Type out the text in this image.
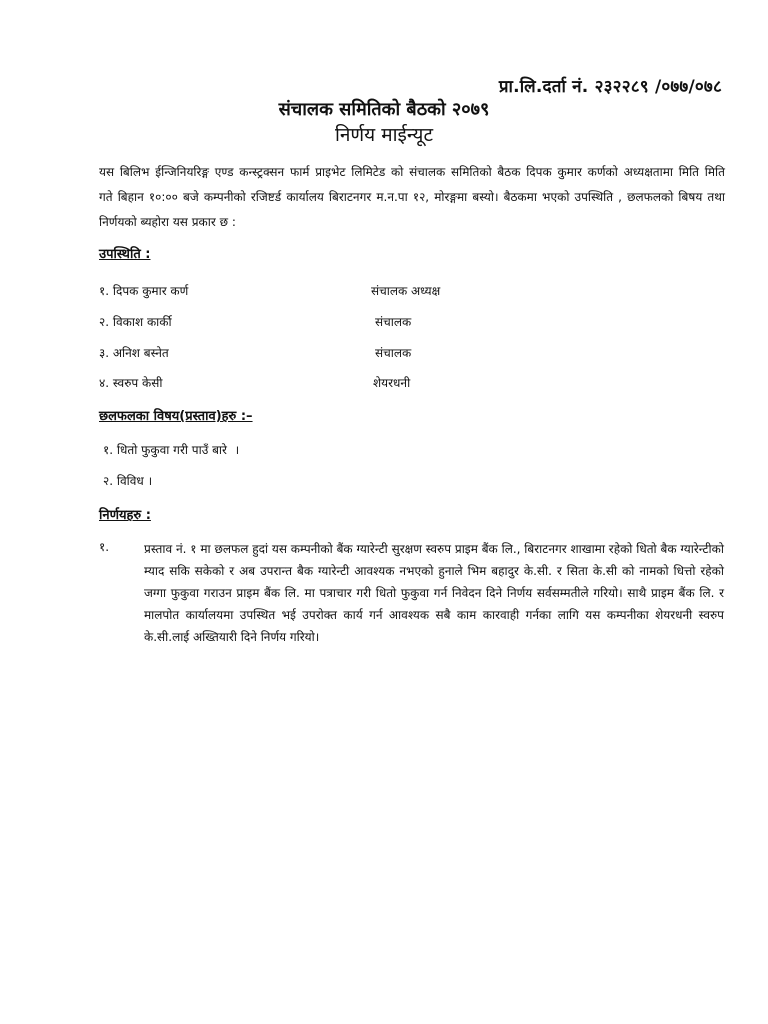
प्रा.लि.दर्ता नं. २३२२८९ /०७७/०७८
संचालक समितिको बैठको २०७९
निर्णय माईन्यूट
यस बिलिभ ईन्जिनियरिङ्ग एण्ड कन्स्ट्रक्सन फार्म प्राइभेट लिमिटेड को संचालक समितिको बैठक दिपक कुमार कर्णको अध्यक्षतामा मिति मिति                           गते बिहान १०:०० बजे कम्पनीको रजिष्टर्ड कार्यालय बिराटनगर म.न.पा १२, मोरङ्गमा बस्यो। बैठकमा भएको उपस्थिति , छलफलको बिषय तथा निर्णयको ब्यहोरा यस प्रकार छ :
उपस्थिति :
१. दिपक कुमार कर्ण	संचालक अध्यक्ष
२. विकाश कार्की	संचालक
३. अनिश बस्नेत	संचालक
४. स्वरुप केसी	शेयरधनी
छलफलका विषय(प्रस्ताव)हरु :–
१. धितो फुकुवा गरी पाउँ बारे  ।
२. विविध ।
निर्णयहरु :
१.	प्रस्ताव नं. १ मा छलफल हुदां यस कम्पनीको बैंक ग्यारेन्टी सुरक्षण स्वरुप प्राइम बैंक लि., बिराटनगर शाखामा रहेको धितो बैक ग्यारेन्टीको म्याद सकि सकेको र अब उपरान्त बैक ग्यारेन्टी आवश्यक नभएको हुनाले भिम बहादुर के.सी. र सिता के.सी को नामको धित्तो रहेको जग्गा फुकुवा गराउन प्राइम बैंक लि. मा पत्राचार गरी धितो फुकुवा गर्न निवेदन दिने निर्णय सर्वसम्मतीले गरियो। साथै प्राइम बैंक लि. र मालपोत कार्यालयमा उपस्थित भई उपरोक्त कार्य गर्न आवश्यक सबै काम कारवाही गर्नका लागि यस कम्पनीका शेयरधनी स्वरुप के.सी.लाई अख्तियारी दिने निर्णय गरियो।
